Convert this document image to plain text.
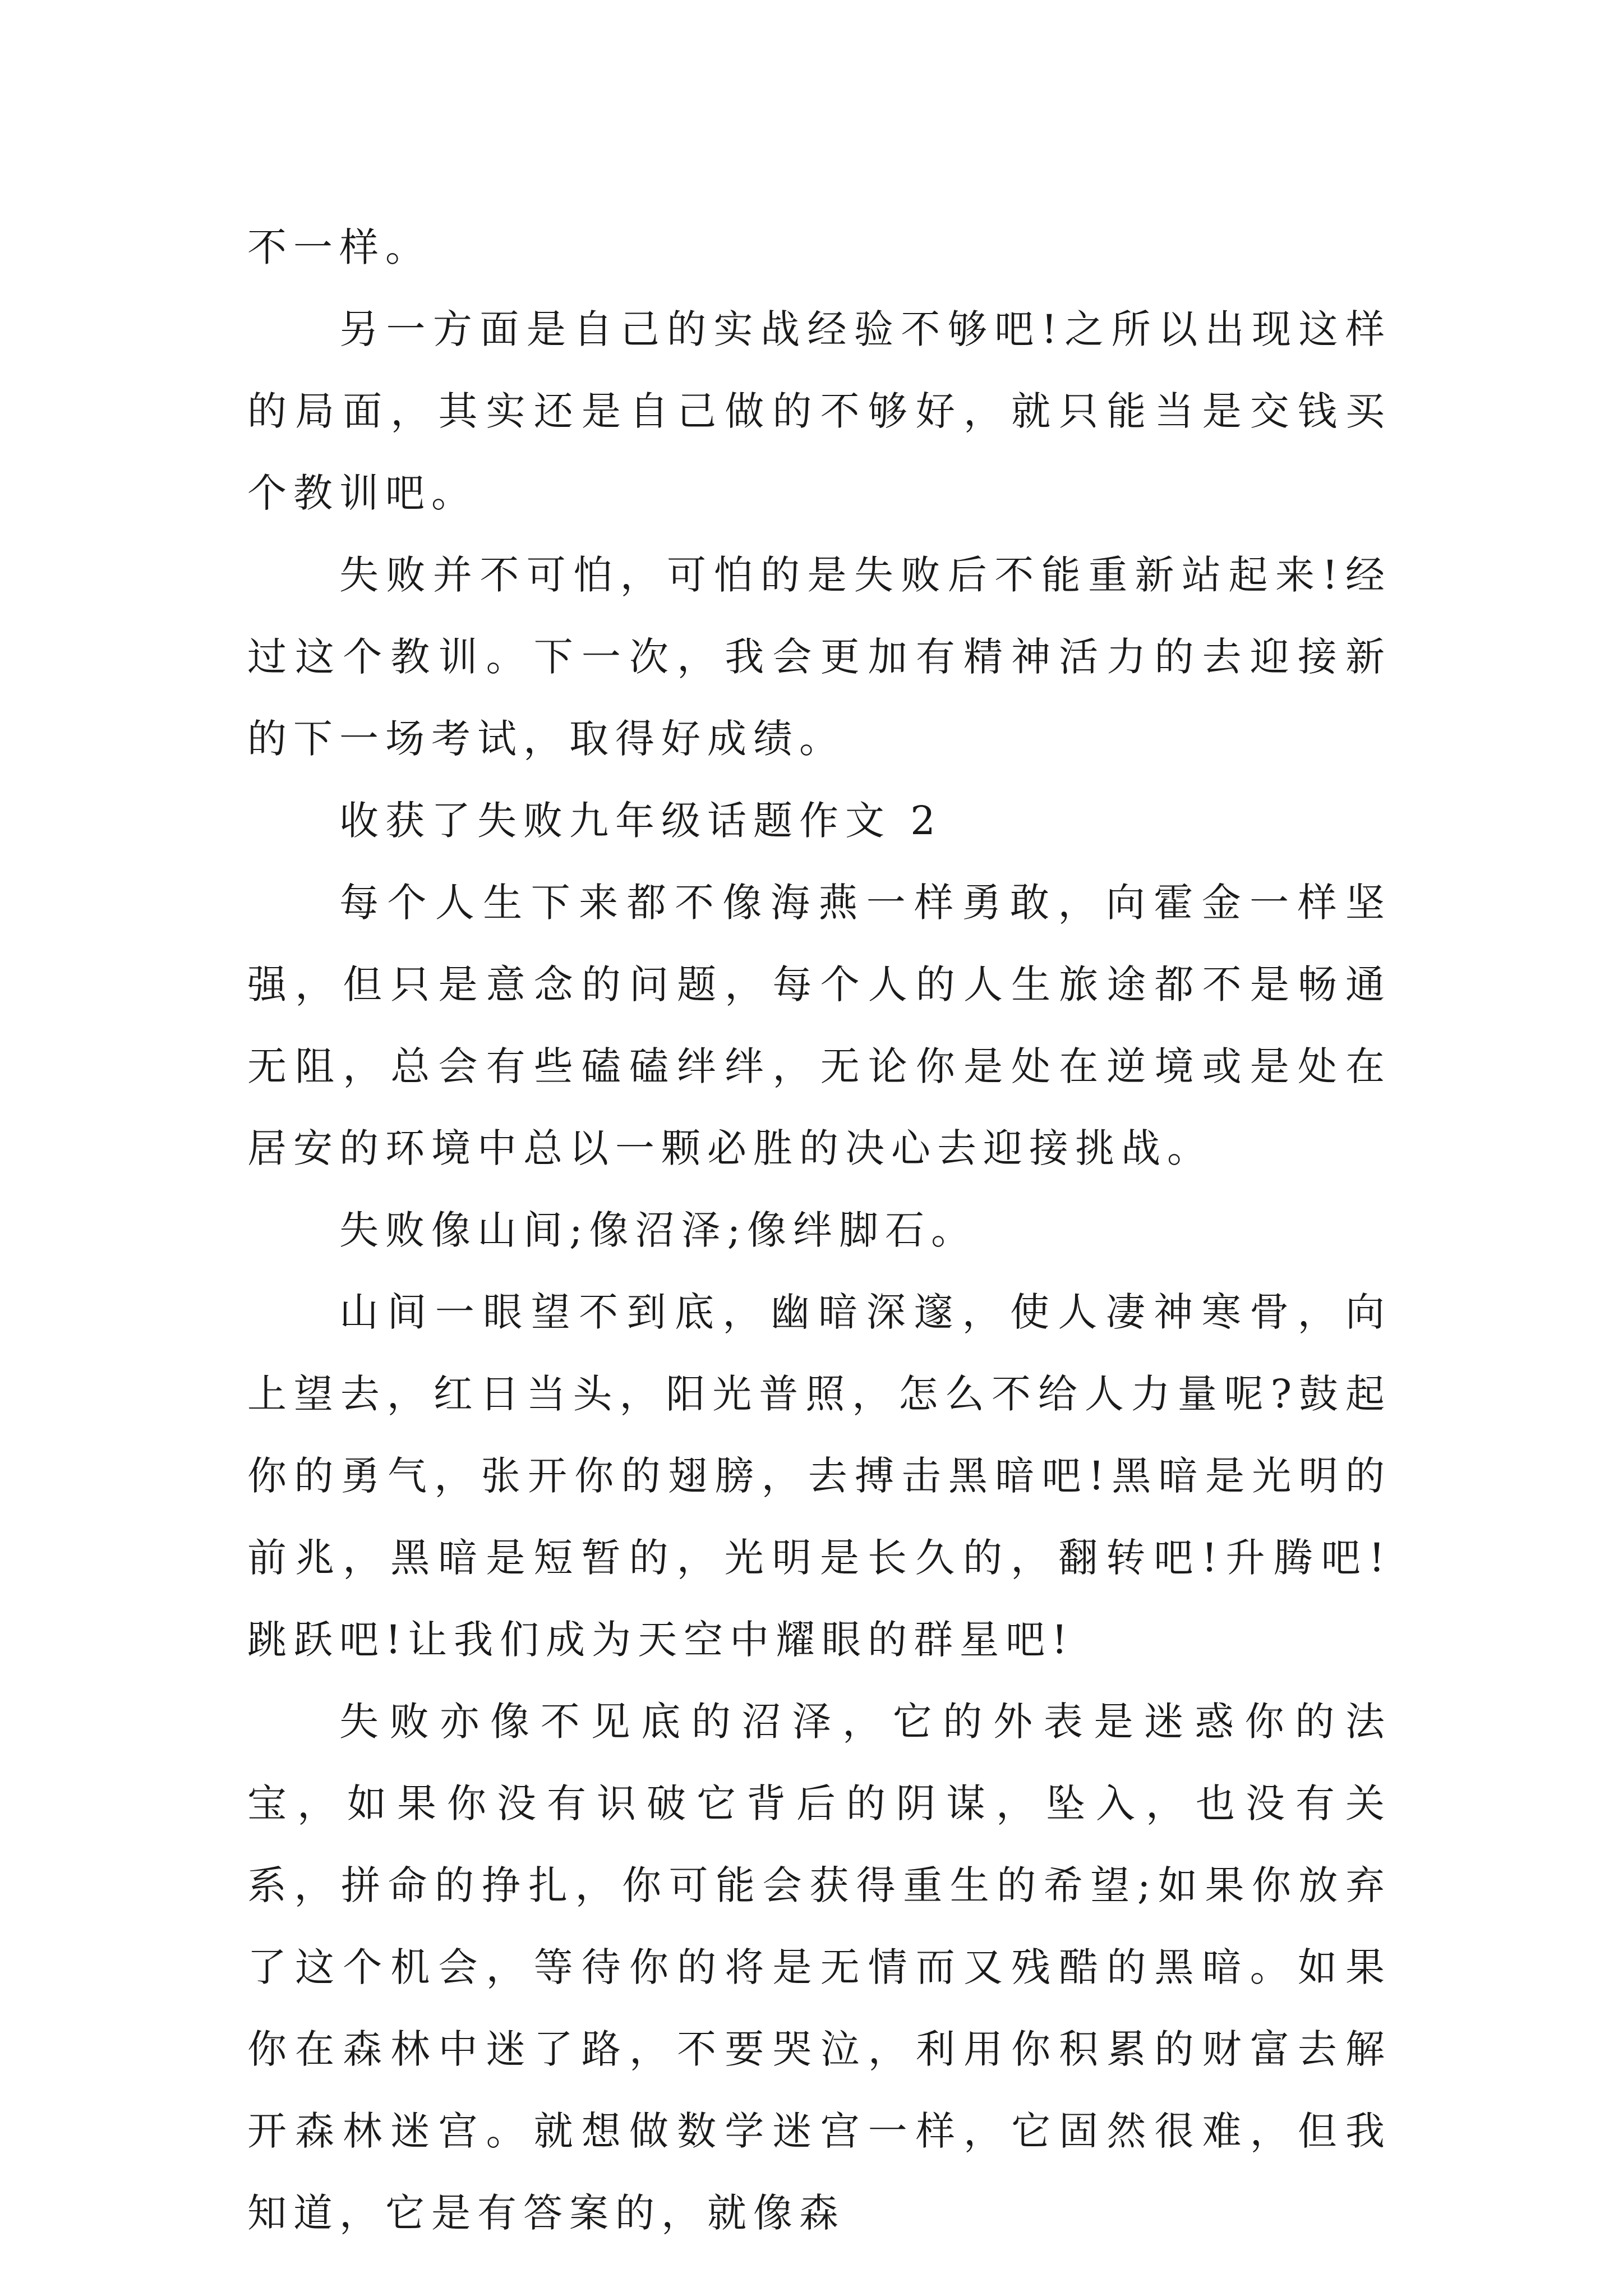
不一样。

另一方面是自己的实战经验不够吧!之所以出现这样的局面，其实还是自己做的不够好，就只能当是交钱买个教训吧。

失败并不可怕，可怕的是失败后不能重新站起来!经过这个教训。下一次，我会更加有精神活力的去迎接新的下一场考试，取得好成绩。

收获了失败九年级话题作文 2

每个人生下来都不像海燕一样勇敢，向霍金一样坚强，但只是意念的问题，每个人的人生旅途都不是畅通无阻，总会有些磕磕绊绊，无论你是处在逆境或是处在居安的环境中总以一颗必胜的决心去迎接挑战。

失败像山间;像沼泽;像绊脚石。

山间一眼望不到底，幽暗深邃，使人凄神寒骨，向上望去，红日当头，阳光普照，怎么不给人力量呢?鼓起你的勇气，张开你的翅膀，去搏击黑暗吧!黑暗是光明的前兆，黑暗是短暂的，光明是长久的，翻转吧!升腾吧!跳跃吧!让我们成为天空中耀眼的群星吧!

失败亦像不见底的沼泽，它的外表是迷惑你的法宝，如果你没有识破它背后的阴谋，坠入，也没有关系，拼命的挣扎，你可能会获得重生的希望;如果你放弃了这个机会，等待你的将是无情而又残酷的黑暗。如果你在森林中迷了路，不要哭泣，利用你积累的财富去解开森林迷宫。就想做数学迷宫一样，它固然很难，但我知道，它是有答案的，就像森
